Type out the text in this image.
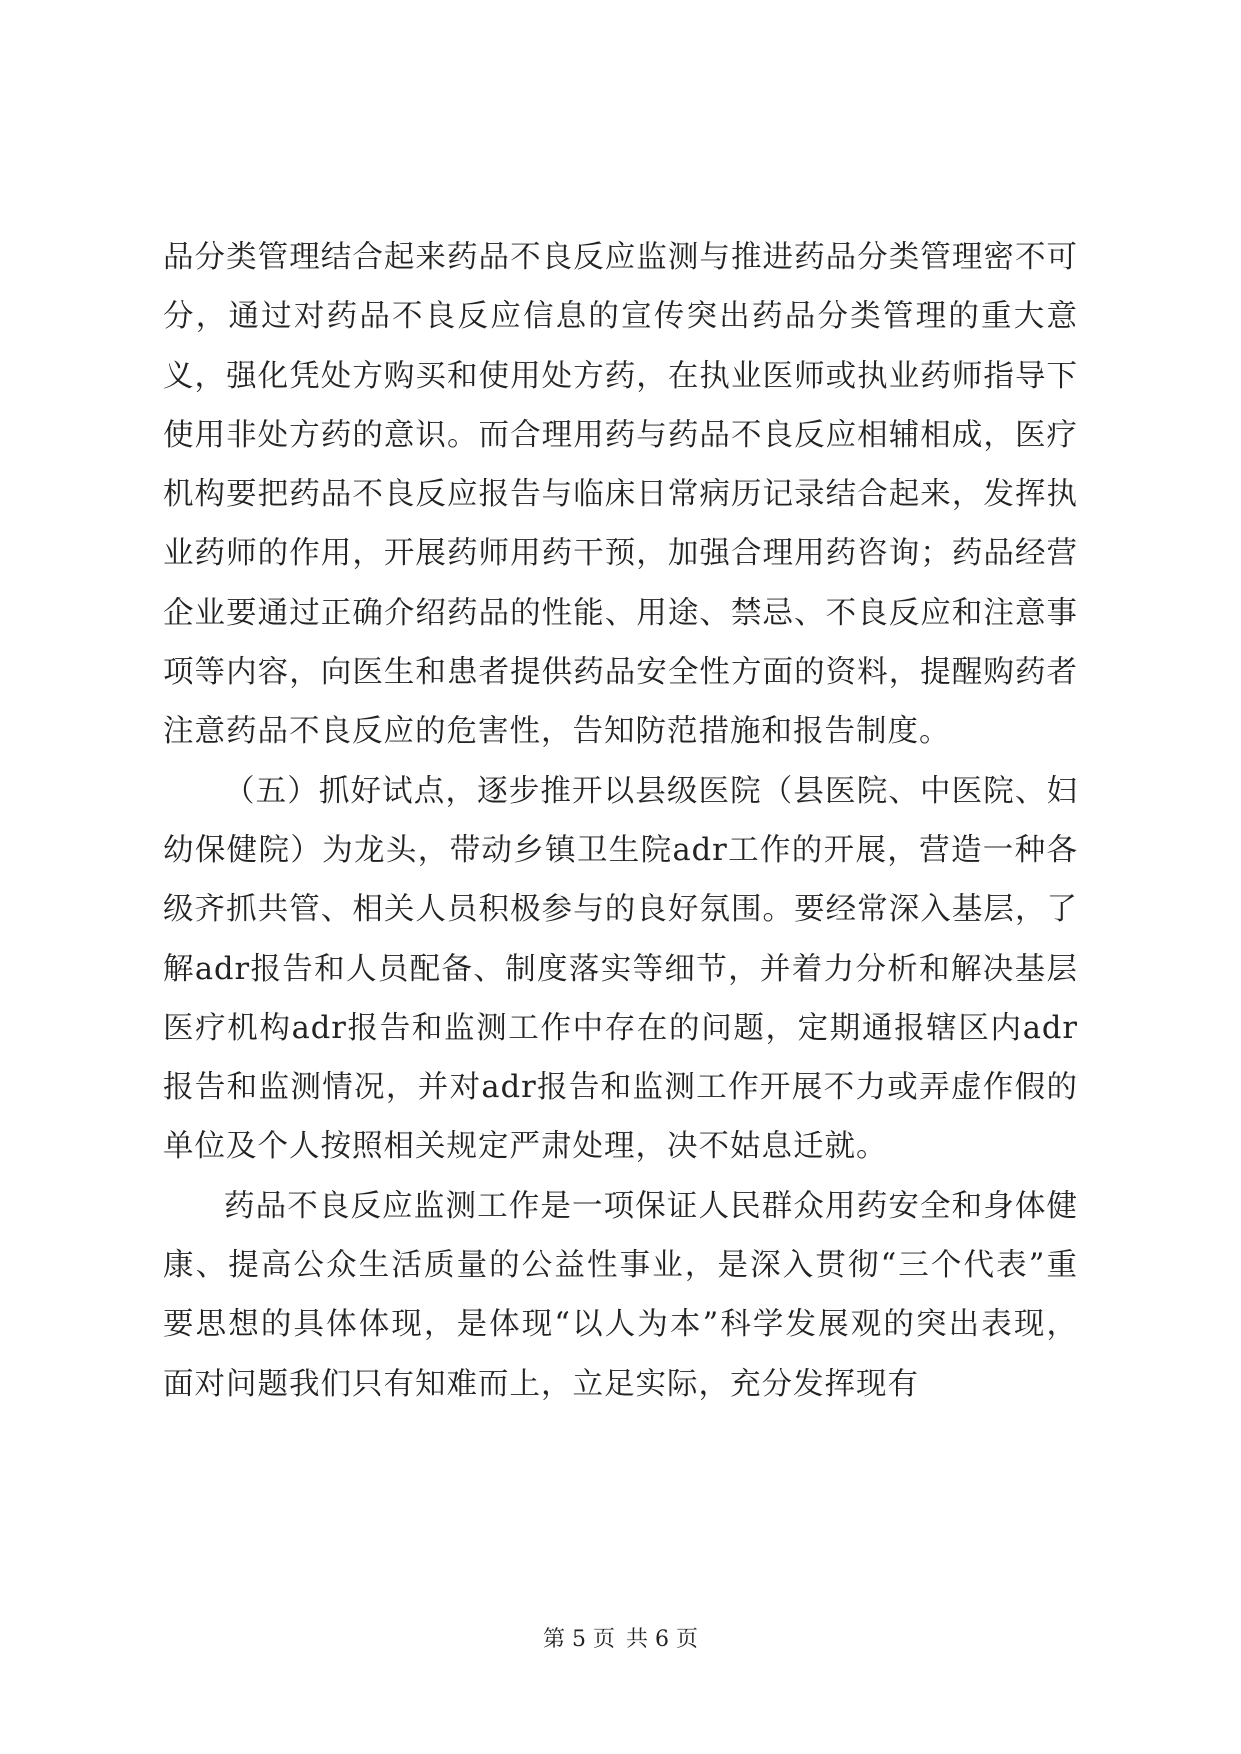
品分类管理结合起来药品不良反应监测与推进药品分类管理密不可分，通过对药品不良反应信息的宣传突出药品分类管理的重大意义，强化凭处方购买和使用处方药，在执业医师或执业药师指导下使用非处方药的意识。而合理用药与药品不良反应相辅相成，医疗机构要把药品不良反应报告与临床日常病历记录结合起来，发挥执业药师的作用，开展药师用药干预，加强合理用药咨询；药品经营企业要通过正确介绍药品的性能、用途、禁忌、不良反应和注意事项等内容，向医生和患者提供药品安全性方面的资料，提醒购药者注意药品不良反应的危害性，告知防范措施和报告制度。

（五）抓好试点，逐步推开以县级医院（县医院、中医院、妇幼保健院）为龙头，带动乡镇卫生院adr工作的开展，营造一种各级齐抓共管、相关人员积极参与的良好氛围。要经常深入基层，了解adr报告和人员配备、制度落实等细节，并着力分析和解决基层医疗机构adr报告和监测工作中存在的问题，定期通报辖区内adr报告和监测情况，并对adr报告和监测工作开展不力或弄虚作假的单位及个人按照相关规定严肃处理，决不姑息迁就。

药品不良反应监测工作是一项保证人民群众用药安全和身体健康、提高公众生活质量的公益性事业，是深入贯彻“三个代表”重要思想的具体体现，是体现“以人为本”科学发展观的突出表现，面对问题我们只有知难而上，立足实际，充分发挥现有

第 5 页 共 6 页
